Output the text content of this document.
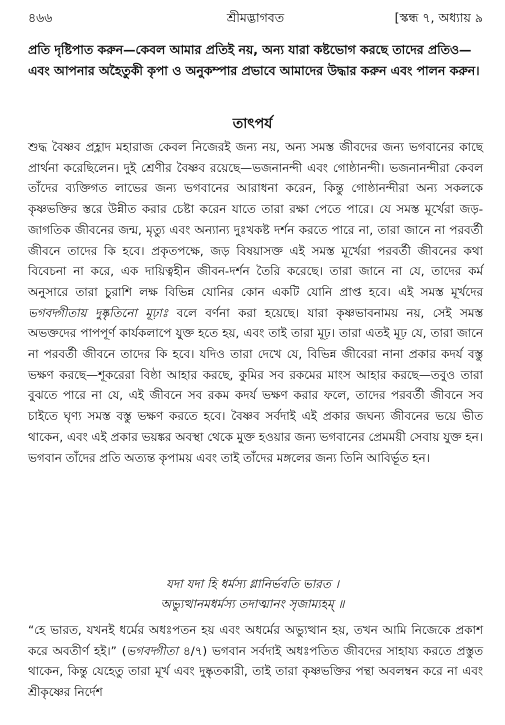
৪৬৬	শ্রীমদ্ভাগবত	[স্কন্ধ ৭, অধ্যায় ৯

প্রতি দৃষ্টিপাত করুন—কেবল আমার প্রতিই নয়, অন্য যারা কষ্টভোগ করছে তাদের প্রতিও—এবং আপনার অহৈতুকী কৃপা ও অনুকম্পার প্রভাবে আমাদের উদ্ধার করুন এবং পালন করুন।

তাৎপর্য

শুদ্ধ বৈষ্ণব প্রহ্লাদ মহারাজ কেবল নিজেরই জন্য নয়, অন্য সমস্ত জীবদের জন্য ভগবানের কাছে প্রার্থনা করেছিলেন। দুই শ্রেণীর বৈষ্ণব রয়েছে—ভজনানন্দী এবং গোষ্ঠানন্দী। ভজনানন্দীরা কেবল তাঁদের ব্যক্তিগত লাভের জন্য ভগবানের আরাধনা করেন, কিন্তু গোষ্ঠানন্দীরা অন্য সকলকে কৃষ্ণভক্তির স্তরে উন্নীত করার চেষ্টা করেন যাতে তারা রক্ষা পেতে পারে। যে সমস্ত মূর্খেরা জড়-জাগতিক জীবনের জন্ম, মৃত্যু এবং অন্যান্য দুঃখকষ্ট দর্শন করতে পারে না, তারা জানে না পরবর্তী জীবনে তাদের কি হবে। প্রকৃতপক্ষে, জড় বিষয়াসক্ত এই সমস্ত মূর্খেরা পরবর্তী জীবনের কথা বিবেচনা না করে, এক দায়িত্বহীন জীবন-দর্শন তৈরি করেছে। তারা জানে না যে, তাদের কর্ম অনুসারে তারা চুরাশি লক্ষ বিভিন্ন যোনির কোন একটি যোনি প্রাপ্ত হবে। এই সমস্ত মূর্খদের ভগবদ্গীতায় দুষ্কৃতিনো মূঢ়াঃ বলে বর্ণনা করা হয়েছে। যারা কৃষ্ণভাবনাময় নয়, সেই সমস্ত অভক্তদের পাপপূর্ণ কার্যকলাপে যুক্ত হতে হয়, এবং তাই তারা মূঢ়। তারা এতই মূঢ় যে, তারা জানে না পরবর্তী জীবনে তাদের কি হবে। যদিও তারা দেখে যে, বিভিন্ন জীবেরা নানা প্রকার কদর্য বস্তু ভক্ষণ করছে—শূকরেরা বিষ্ঠা আহার করছে, কুমির সব রকমের মাংস আহার করছে—তবুও তারা বুঝতে পারে না যে, এই জীবনে সব রকম কদর্য ভক্ষণ করার ফলে, তাদের পরবর্তী জীবনে সব চাইতে ঘৃণ্য সমস্ত বস্তু ভক্ষণ করতে হবে। বৈষ্ণব সর্বদাই এই প্রকার জঘন্য জীবনের ভয়ে ভীত থাকেন, এবং এই প্রকার ভয়ঙ্কর অবস্থা থেকে মুক্ত হওয়ার জন্য ভগবানের প্রেমময়ী সেবায় যুক্ত হন। ভগবান তাঁদের প্রতি অত্যন্ত কৃপাময় এবং তাই তাঁদের মঙ্গলের জন্য তিনি আবির্ভূত হন।

যদা যদা হি ধর্মস্য গ্লানির্ভবতি ভারত ।
অভ্যুত্থানমধর্মস্য তদাত্মানং সৃজাম্যহম্ ॥

“হে ভারত, যখনই ধর্মের অধঃপতন হয় এবং অধর্মের অভ্যুত্থান হয়, তখন আমি নিজেকে প্রকাশ করে অবতীর্ণ হই।” (ভগবদ্গীতা ৪/৭) ভগবান সর্বদাই অধঃপতিত জীবদের সাহায্য করতে প্রস্তুত থাকেন, কিন্তু যেহেতু তারা মূর্খ এবং দুষ্কৃতকারী, তাই তারা কৃষ্ণভক্তির পন্থা অবলম্বন করে না এবং শ্রীকৃষ্ণের নির্দেশ
